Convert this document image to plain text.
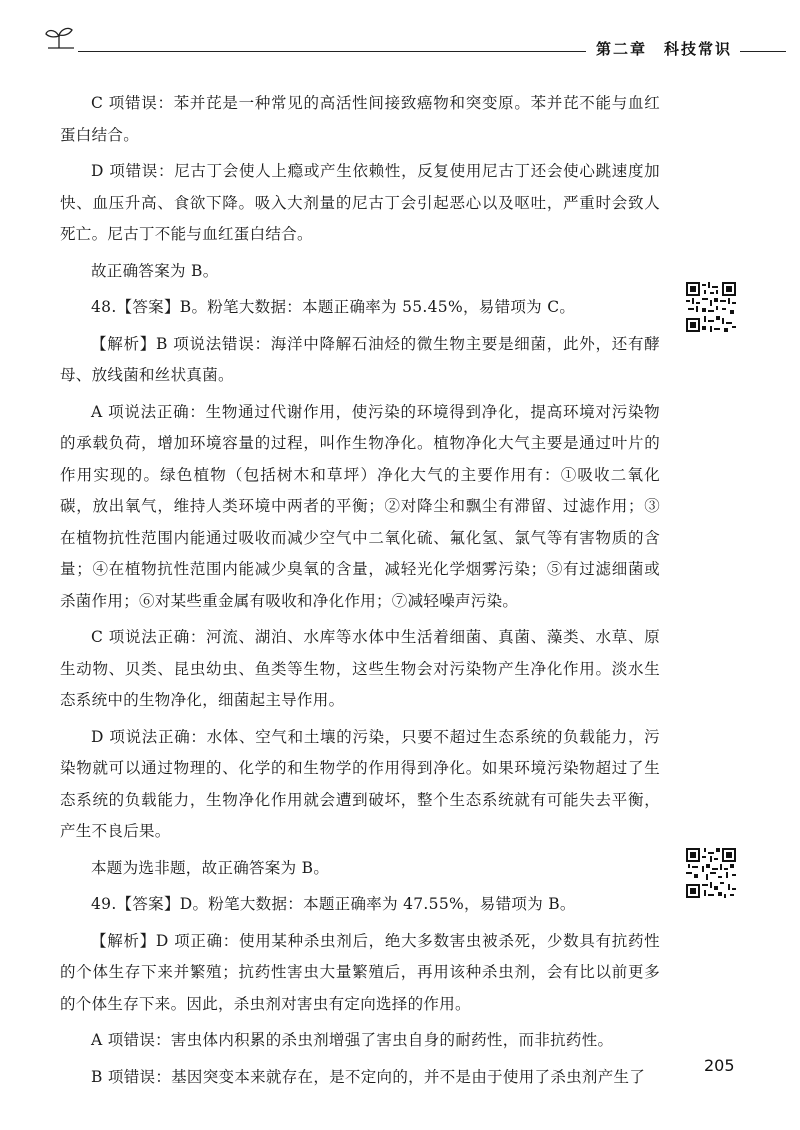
第二章　科技常识

C 项错误：苯并芘是一种常见的高活性间接致癌物和突变原。苯并芘不能与血红蛋白结合。

D 项错误：尼古丁会使人上瘾或产生依赖性，反复使用尼古丁还会使心跳速度加快、血压升高、食欲下降。吸入大剂量的尼古丁会引起恶心以及呕吐，严重时会致人死亡。尼古丁不能与血红蛋白结合。

故正确答案为 B。

48.【答案】B。粉笔大数据：本题正确率为 55.45%，易错项为 C。

【解析】B 项说法错误：海洋中降解石油烃的微生物主要是细菌，此外，还有酵母、放线菌和丝状真菌。

A 项说法正确：生物通过代谢作用，使污染的环境得到净化，提高环境对污染物的承载负荷，增加环境容量的过程，叫作生物净化。植物净化大气主要是通过叶片的作用实现的。绿色植物（包括树木和草坪）净化大气的主要作用有：①吸收二氧化碳，放出氧气，维持人类环境中两者的平衡；②对降尘和飘尘有滞留、过滤作用；③在植物抗性范围内能通过吸收而减少空气中二氧化硫、氟化氢、氯气等有害物质的含量；④在植物抗性范围内能减少臭氧的含量，减轻光化学烟雾污染；⑤有过滤细菌或杀菌作用；⑥对某些重金属有吸收和净化作用；⑦减轻噪声污染。

C 项说法正确：河流、湖泊、水库等水体中生活着细菌、真菌、藻类、水草、原生动物、贝类、昆虫幼虫、鱼类等生物，这些生物会对污染物产生净化作用。淡水生态系统中的生物净化，细菌起主导作用。

D 项说法正确：水体、空气和土壤的污染，只要不超过生态系统的负载能力，污染物就可以通过物理的、化学的和生物学的作用得到净化。如果环境污染物超过了生态系统的负载能力，生物净化作用就会遭到破坏，整个生态系统就有可能失去平衡，产生不良后果。

本题为选非题，故正确答案为 B。

49.【答案】D。粉笔大数据：本题正确率为 47.55%，易错项为 B。

【解析】D 项正确：使用某种杀虫剂后，绝大多数害虫被杀死，少数具有抗药性的个体生存下来并繁殖；抗药性害虫大量繁殖后，再用该种杀虫剂，会有比以前更多的个体生存下来。因此，杀虫剂对害虫有定向选择的作用。

A 项错误：害虫体内积累的杀虫剂增强了害虫自身的耐药性，而非抗药性。

B 项错误：基因突变本来就存在，是不定向的，并不是由于使用了杀虫剂产生了

205
